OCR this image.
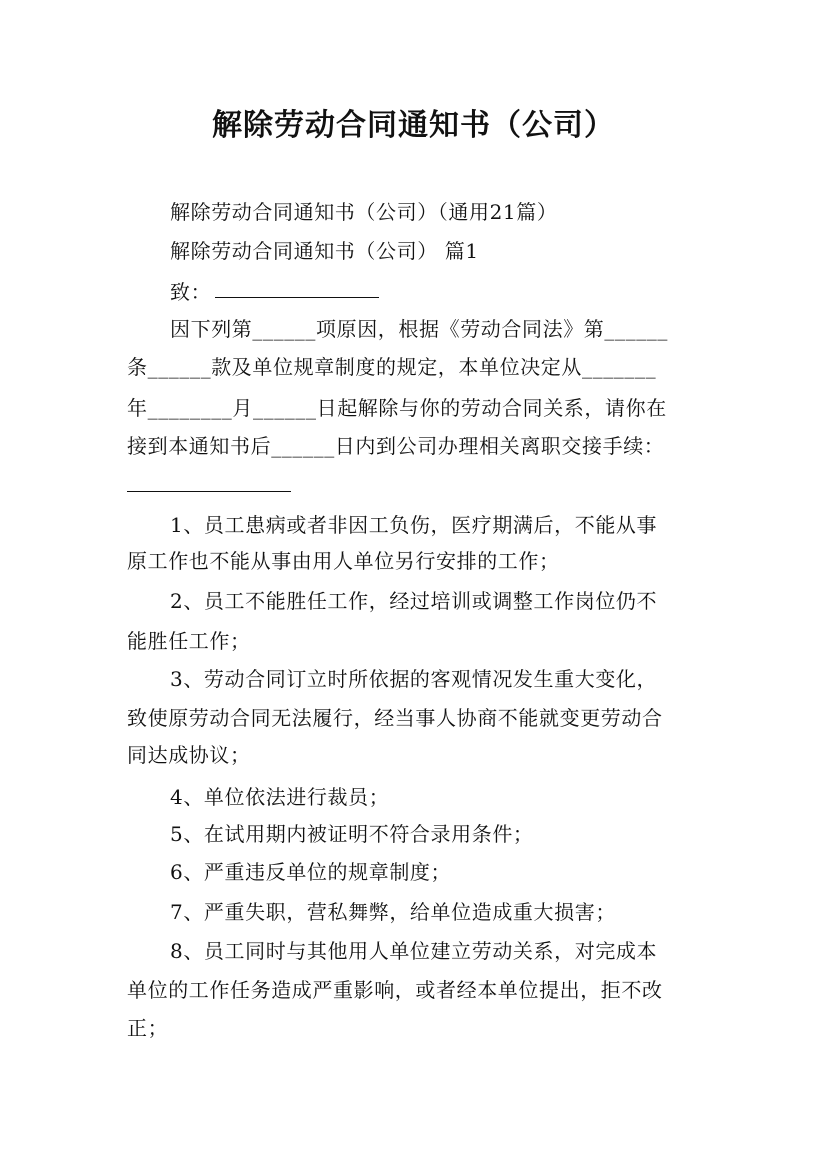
解除劳动合同通知书（公司）
解除劳动合同通知书（公司）（通用21篇）
解除劳动合同通知书（公司） 篇1
致：
因下列第______项原因，根据《劳动合同法》第______
条______款及单位规章制度的规定，本单位决定从_______
年________月______日起解除与你的劳动合同关系，请你在
接到本通知书后______日内到公司办理相关离职交接手续：
1、员工患病或者非因工负伤，医疗期满后，不能从事
原工作也不能从事由用人单位另行安排的工作；
2、员工不能胜任工作，经过培训或调整工作岗位仍不
能胜任工作；
3、劳动合同订立时所依据的客观情况发生重大变化，
致使原劳动合同无法履行，经当事人协商不能就变更劳动合
同达成协议；
4、单位依法进行裁员；
5、在试用期内被证明不符合录用条件；
6、严重违反单位的规章制度；
7、严重失职，营私舞弊，给单位造成重大损害；
8、员工同时与其他用人单位建立劳动关系，对完成本
单位的工作任务造成严重影响，或者经本单位提出，拒不改
正；
